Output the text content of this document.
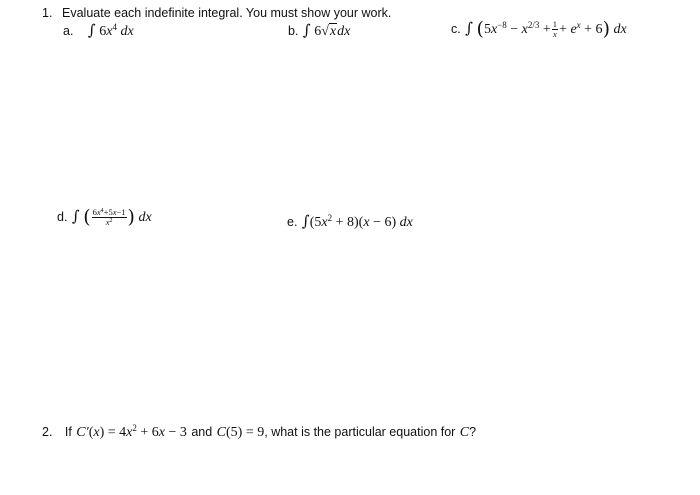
1. Evaluate each indefinite integral. You must show your work.
a. ∫ $6x^4$ dx	b. ∫ 6√xdx	c. ∫ $(5x^{-8} - x^{2/3} + \frac{1}{x} + e^x + 6)$ dx
d. ∫ ( $\frac{6x^4+5x-1}{x^2}$ ) dx	e. $\int(5x^2 + 8)(x - 6)$ dx
2. If $C'(x) = 4x^2 + 6x - 3$ and C(5) = 9, what is the particular equation for C?
